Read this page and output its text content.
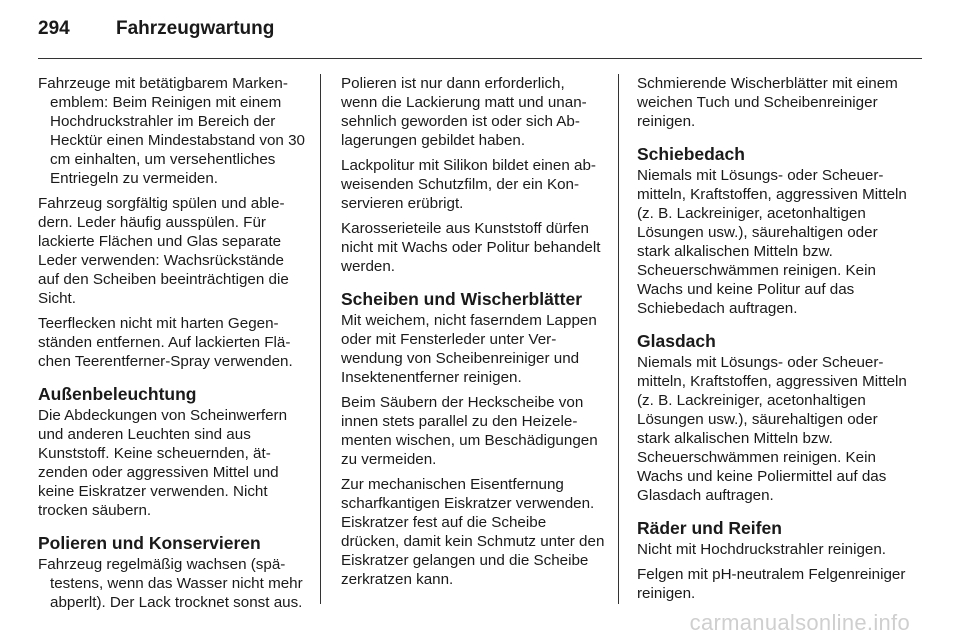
294	Fahrzeugwartung

Fahrzeuge mit betätigbarem Markenemblem: Beim Reinigen mit einem Hochdruckstrahler im Bereich der Hecktür einen Mindestabstand von 30 cm einhalten, um versehentliches Entriegeln zu vermeiden.

Fahrzeug sorgfältig spülen und abledern. Leder häufig ausspülen. Für lackierte Flächen und Glas separate Leder verwenden: Wachsrückstände auf den Scheiben beeinträchtigen die Sicht.

Teerflecken nicht mit harten Gegenständen entfernen. Auf lackierten Flächen Teerentferner-Spray verwenden.

Außenbeleuchtung

Die Abdeckungen von Scheinwerfern und anderen Leuchten sind aus Kunststoff. Keine scheuernden, ätzenden oder aggressiven Mittel und keine Eiskratzer verwenden. Nicht trocken säubern.

Polieren und Konservieren

Fahrzeug regelmäßig wachsen (spätestens, wenn das Wasser nicht mehr abperlt). Der Lack trocknet sonst aus.

Polieren ist nur dann erforderlich, wenn die Lackierung matt und unansehnlich geworden ist oder sich Ablagerungen gebildet haben.

Lackpolitur mit Silikon bildet einen abweisenden Schutzfilm, der ein Konservieren erübrigt.

Karosserieteile aus Kunststoff dürfen nicht mit Wachs oder Politur behandelt werden.

Scheiben und Wischerblätter

Mit weichem, nicht faserndem Lappen oder mit Fensterleder unter Verwendung von Scheibenreiniger und Insektenentferner reinigen.

Beim Säubern der Heckscheibe von innen stets parallel zu den Heizelementen wischen, um Beschädigungen zu vermeiden.

Zur mechanischen Eisentfernung scharfkantigen Eiskratzer verwenden. Eiskratzer fest auf die Scheibe drücken, damit kein Schmutz unter den Eiskratzer gelangen und die Scheibe zerkratzen kann.

Schmierende Wischerblätter mit einem weichen Tuch und Scheibenreiniger reinigen.

Schiebedach

Niemals mit Lösungs- oder Scheuermitteln, Kraftstoffen, aggressiven Mitteln (z. B. Lackreiniger, acetonhaltigen Lösungen usw.), säurehaltigen oder stark alkalischen Mitteln bzw. Scheuerschwämmen reinigen. Kein Wachs und keine Politur auf das Schiebedach auftragen.

Glasdach

Niemals mit Lösungs- oder Scheuermitteln, Kraftstoffen, aggressiven Mitteln (z. B. Lackreiniger, acetonhaltigen Lösungen usw.), säurehaltigen oder stark alkalischen Mitteln bzw. Scheuerschwämmen reinigen. Kein Wachs und keine Poliermittel auf das Glasdach auftragen.

Räder und Reifen

Nicht mit Hochdruckstrahler reinigen.

Felgen mit pH-neutralem Felgenreiniger reinigen.

carmanualsonline.info
